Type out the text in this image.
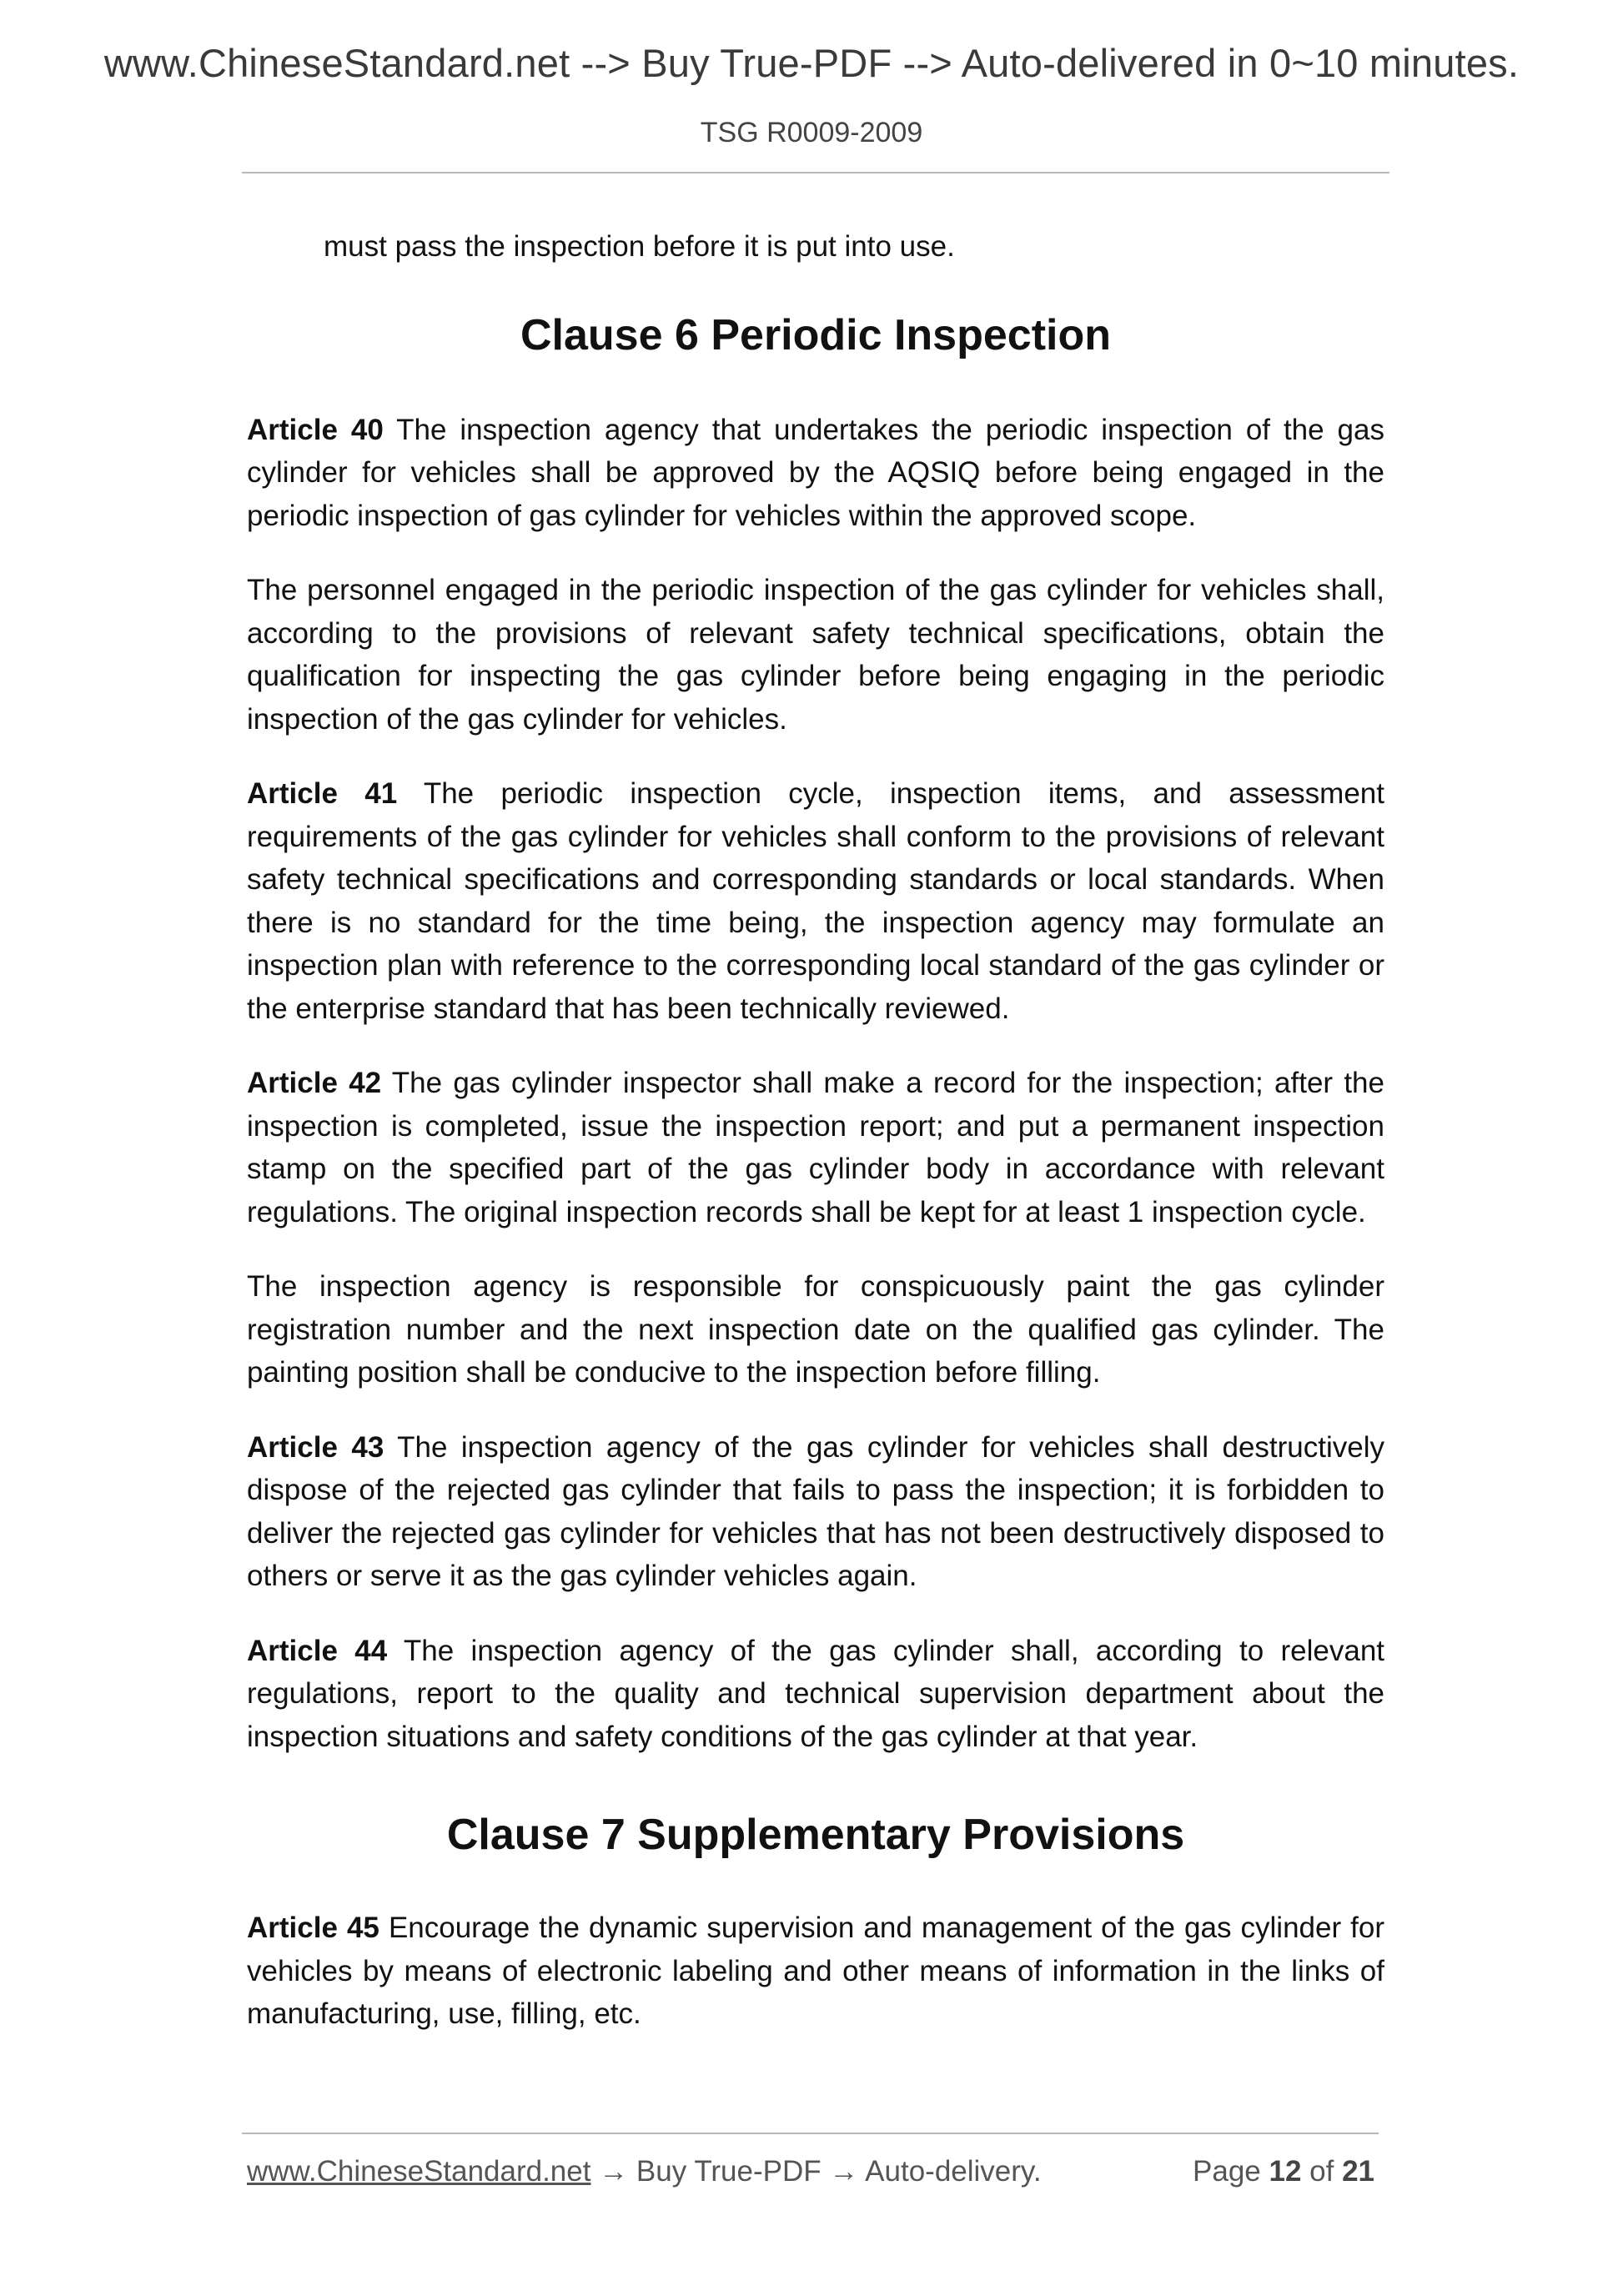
www.ChineseStandard.net --> Buy True-PDF --> Auto-delivered in 0~10 minutes.
TSG R0009-2009

must pass the inspection before it is put into use.

Clause 6 Periodic Inspection

Article 40 The inspection agency that undertakes the periodic inspection of the gas cylinder for vehicles shall be approved by the AQSIQ before being engaged in the periodic inspection of gas cylinder for vehicles within the approved scope.

The personnel engaged in the periodic inspection of the gas cylinder for vehicles shall, according to the provisions of relevant safety technical specifications, obtain the qualification for inspecting the gas cylinder before being engaging in the periodic inspection of the gas cylinder for vehicles.

Article 41 The periodic inspection cycle, inspection items, and assessment requirements of the gas cylinder for vehicles shall conform to the provisions of relevant safety technical specifications and corresponding standards or local standards. When there is no standard for the time being, the inspection agency may formulate an inspection plan with reference to the corresponding local standard of the gas cylinder or the enterprise standard that has been technically reviewed.

Article 42 The gas cylinder inspector shall make a record for the inspection; after the inspection is completed, issue the inspection report; and put a permanent inspection stamp on the specified part of the gas cylinder body in accordance with relevant regulations. The original inspection records shall be kept for at least 1 inspection cycle.

The inspection agency is responsible for conspicuously paint the gas cylinder registration number and the next inspection date on the qualified gas cylinder. The painting position shall be conducive to the inspection before filling.

Article 43 The inspection agency of the gas cylinder for vehicles shall destructively dispose of the rejected gas cylinder that fails to pass the inspection; it is forbidden to deliver the rejected gas cylinder for vehicles that has not been destructively disposed to others or serve it as the gas cylinder vehicles again.

Article 44 The inspection agency of the gas cylinder shall, according to relevant regulations, report to the quality and technical supervision department about the inspection situations and safety conditions of the gas cylinder at that year.

Clause 7 Supplementary Provisions

Article 45 Encourage the dynamic supervision and management of the gas cylinder for vehicles by means of electronic labeling and other means of information in the links of manufacturing, use, filling, etc.

www.ChineseStandard.net → Buy True-PDF → Auto-delivery.	Page 12 of 21
